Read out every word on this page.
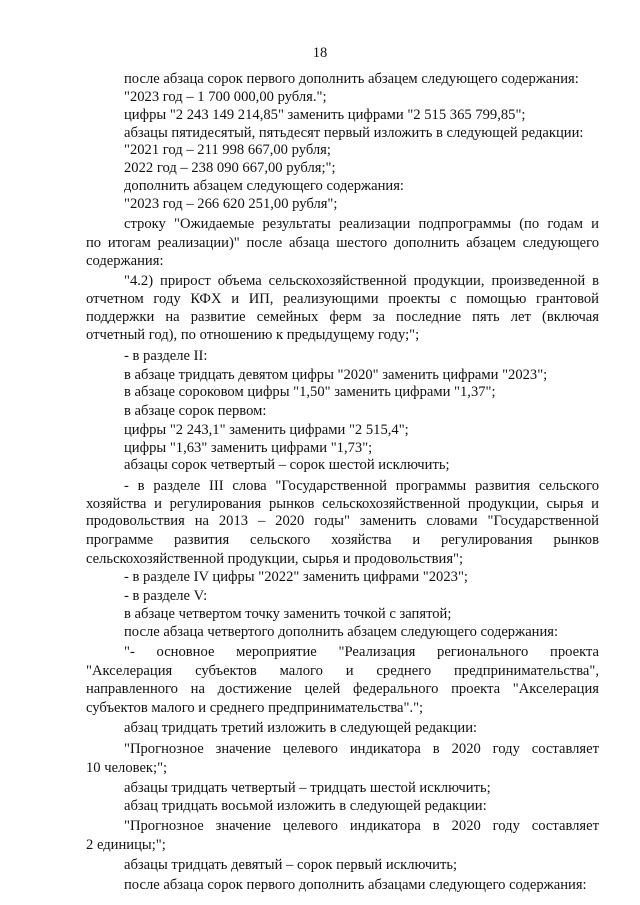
18
после абзаца сорок первого дополнить абзацем следующего содержания:
"2023 год – 1 700 000,00 рубля.";
цифры "2 243 149 214,85" заменить цифрами "2 515 365 799,85";
абзацы пятидесятый, пятьдесят первый изложить в следующей редакции:
"2021 год – 211 998 667,00 рубля;
2022 год – 238 090 667,00 рубля;";
дополнить абзацем следующего содержания:
"2023 год – 266 620 251,00 рубля";
строку "Ожидаемые результаты реализации подпрограммы (по годам и
по итогам реализации)" после абзаца шестого дополнить абзацем следующего
содержания:
"4.2) прирост объема сельскохозяйственной продукции, произведенной в
отчетном году КФХ и ИП, реализующими проекты с помощью грантовой
поддержки на развитие семейных ферм за последние пять лет (включая
отчетный год), по отношению к предыдущему году;";
- в разделе II:
в абзаце тридцать девятом цифры "2020" заменить цифрами "2023";
в абзаце сороковом цифры "1,50" заменить цифрами "1,37";
в абзаце сорок первом:
цифры "2 243,1" заменить цифрами "2 515,4";
цифры "1,63" заменить цифрами "1,73";
абзацы сорок четвертый – сорок шестой исключить;
- в разделе III слова "Государственной программы развития сельского
хозяйства и регулирования рынков сельскохозяйственной продукции, сырья и
продовольствия на 2013 – 2020 годы" заменить словами "Государственной
программе развития сельского хозяйства и регулирования рынков
сельскохозяйственной продукции, сырья и продовольствия";
- в разделе IV цифры "2022" заменить цифрами "2023";
- в разделе V:
в абзаце четвертом точку заменить точкой с запятой;
после абзаца четвертого дополнить абзацем следующего содержания:
"- основное мероприятие "Реализация регионального проекта
"Акселерация субъектов малого и среднего предпринимательства",
направленного на достижение целей федерального проекта "Акселерация
субъектов малого и среднего предпринимательства".";
абзац тридцать третий изложить в следующей редакции:
"Прогнозное значение целевого индикатора в 2020 году составляет
10 человек;";
абзацы тридцать четвертый – тридцать шестой исключить;
абзац тридцать восьмой изложить в следующей редакции:
"Прогнозное значение целевого индикатора в 2020 году составляет
2 единицы;";
абзацы тридцать девятый – сорок первый исключить;
после абзаца сорок первого дополнить абзацами следующего содержания:
